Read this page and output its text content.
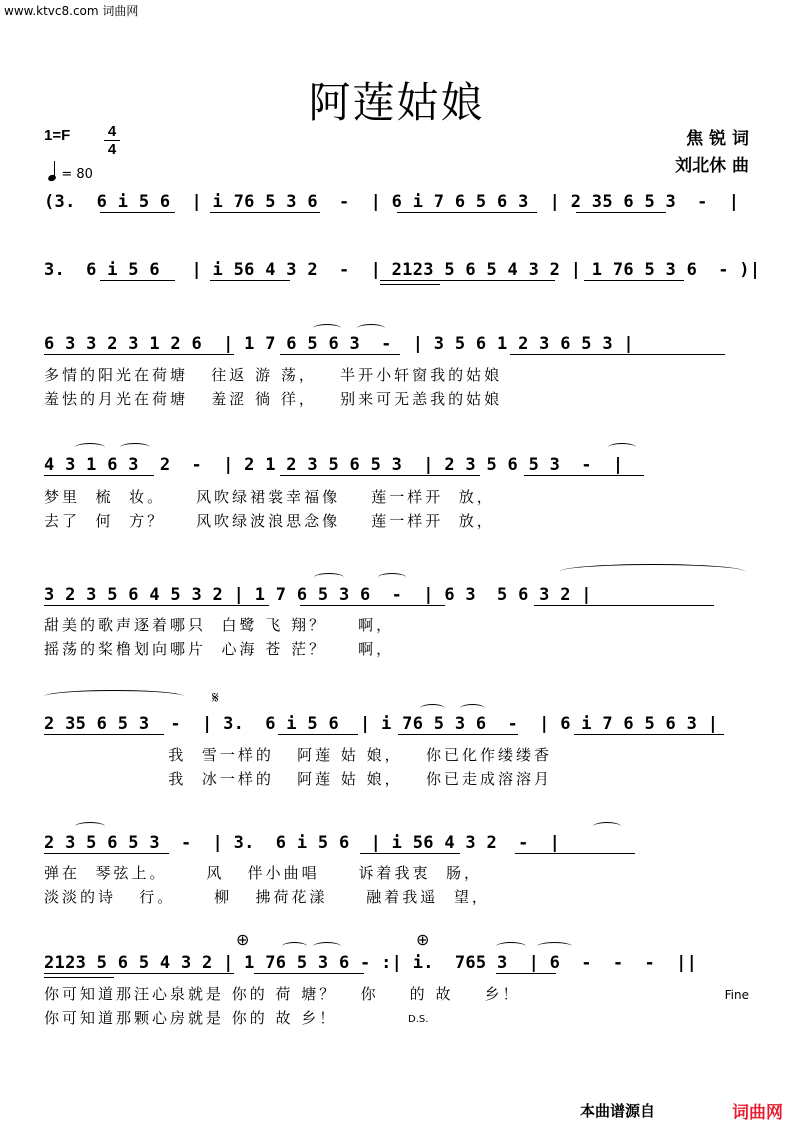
www.ktvc8.com 词曲网
阿莲姑娘
1=F	4
4
= 80
焦 锐 词
刘北休 曲
(3.  6 i 5 6  | i 76 5 3 6  -  | 6 i 7 6 5 6 3  | 2 35 6 5 3  -  |
3.  6 i 5 6   | i 56 4 3 2  -  | 2123 5 6 5 4 3 2 | 1 76 5 3 6  - )|
6 3 3 2 3 1 2 6  | 1 7 6 5 6 3  -  | 3 5 6 1 2 3 6 5 3 |
多情的阳光在荷塘   往返 游 荡，   半开小轩窗我的姑娘
羞怯的月光在荷塘   羞涩 徜 徉，   别来可无恙我的姑娘
4 3 1 6 3  2  -  | 2 1 2 3 5 6 5 3  | 2 3 5 6 5 3  -  |
梦里  梳  妆。    风吹绿裙裳幸福像    莲一样开  放，
去了  何  方？    风吹绿波浪思念像    莲一样开  放，
3 2 3 5 6 4 5 3 2 | 1 7 6 5 3 6  -  | 6 3  5 6 3 2 |
甜美的歌声逐着哪只  白鹭 飞 翔？    啊，
摇荡的桨橹划向哪片  心海 苍 茫？    啊，
2 35 6 5 3  -  | 3.  6 i 5 6  | i 76 5 3 6  -  | 6 i 7 6 5 6 3 |
𝄋
我  雪一样的   阿莲 姑 娘，   你已化作缕缕香
我  冰一样的   阿莲 姑 娘，   你已走成溶溶月
2 3 5 6 5 3  -  | 3.  6 i 5 6  | i 56 4 3 2  -  |
弹在  琴弦上。     风   伴小曲唱     诉着我衷  肠，
淡淡的诗   行。     柳   拂荷花漾     融着我遥  望，
2123 5 6 5 4 3 2 | 1 76 5 3 6 - :| i.  765 3  | 6  -  -  -  ||
⊕	⊕
你可知道那汪心泉就是 你的 荷 塘？   你    的 故    乡！
你可知道那颗心房就是 你的 故 乡！
Fine
D.S.
本曲谱源自	词曲网
